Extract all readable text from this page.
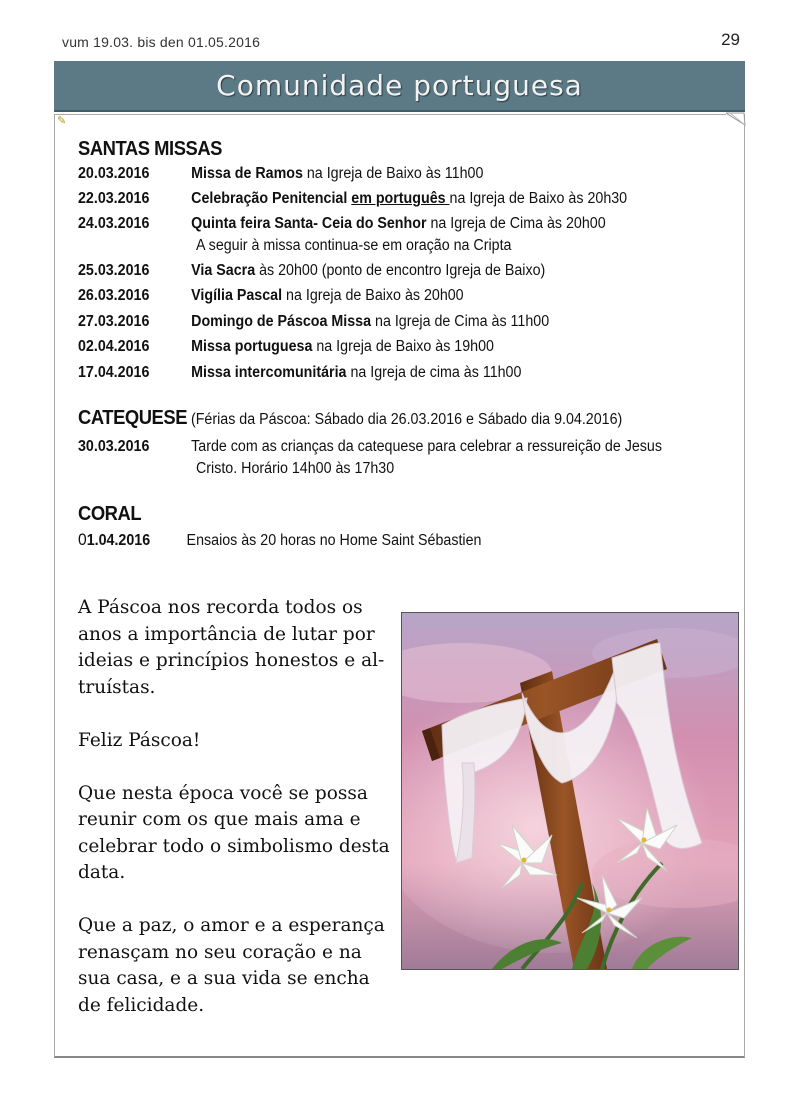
vum 19.03. bis den 01.05.2016	29
Comunidade portuguesa
✎
SANTAS MISSAS
20.03.2016	Missa de Ramos na Igreja de Baixo às 11h00
22.03.2016	Celebração Penitencial em português na Igreja de Baixo às 20h30
24.03.2016	Quinta feira Santa- Ceia do Senhor na Igreja de Cima às 20h00
A seguir à missa continua-se em oração na Cripta
25.03.2016	Via Sacra às 20h00 (ponto de encontro Igreja de Baixo)
26.03.2016	Vigília Pascal na Igreja de Baixo às 20h00
27.03.2016	Domingo de Páscoa Missa na Igreja de Cima às 11h00
02.04.2016	Missa portuguesa na Igreja de Baixo às 19h00
17.04.2016	Missa intercomunitária na Igreja de cima às 11h00
CATEQUESE (Férias da Páscoa: Sábado dia 26.03.2016 e Sábado dia 9.04.2016)
30.03.2016	Tarde com as crianças da catequese para celebrar a ressureição de Jesus
Cristo. Horário 14h00 às 17h30
CORAL
01.04.2016 Ensaios às 20 horas no Home Saint Sébastien

A Páscoa nos recorda todos os anos a importância de lutar por ideias e princípios honestos e al-truístas.

Feliz Páscoa!

Que nesta época você se possa reunir com os que mais ama e celebrar todo o simbolismo desta data.

Que a paz, o amor e a esperança renasçam no seu coração e na sua casa, e a sua vida se encha de felicidade.
